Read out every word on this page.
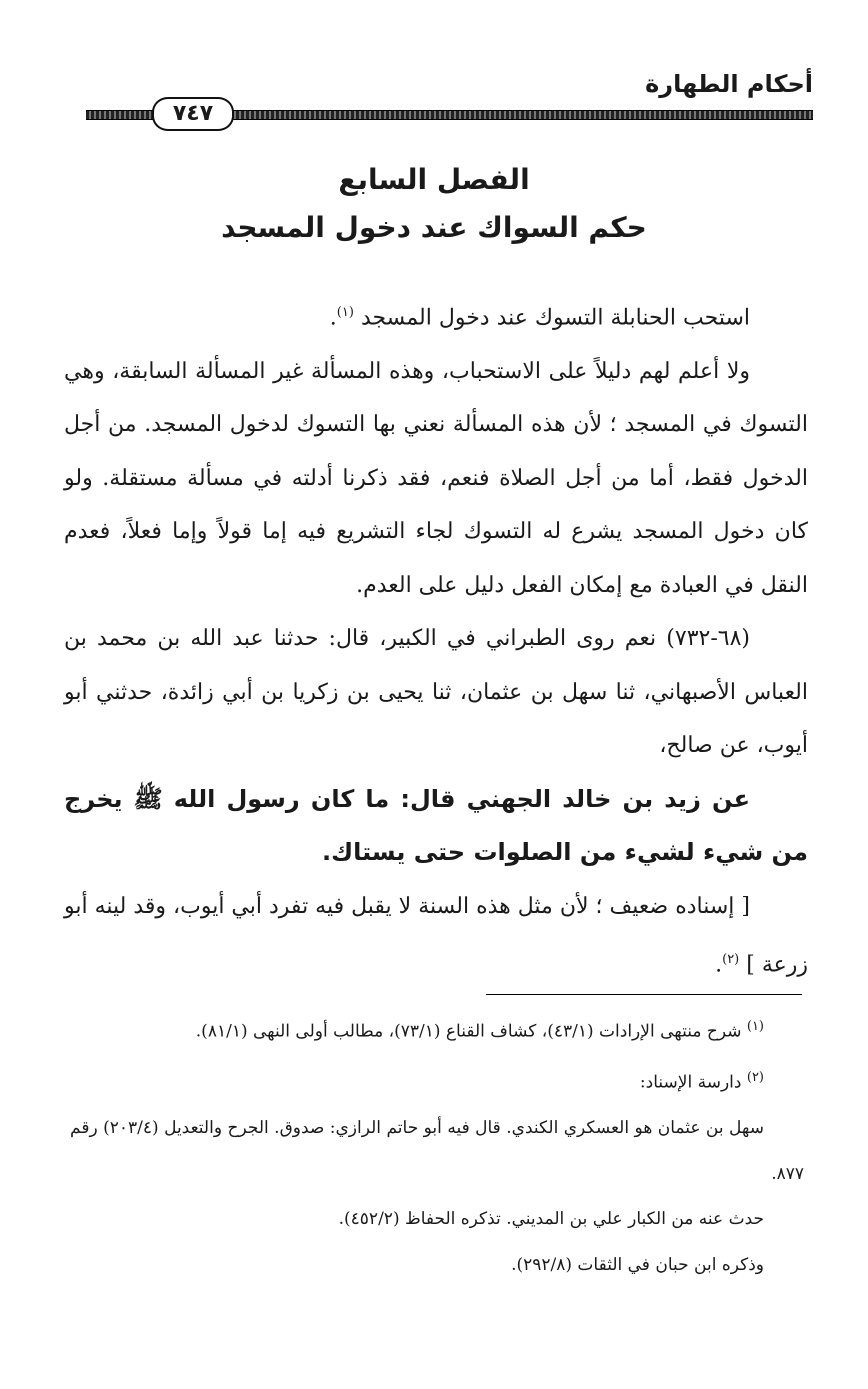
أحكام الطهارة
٧٤٧
الفصل السابع
حكم السواك عند دخول المسجد

استحب الحنابلة التسوك عند دخول المسجد $^{(١)}$.

ولا أعلم لهم دليلاً على الاستحباب، وهذه المسألة غير المسألة السابقة، وهي التسوك في المسجد ؛ لأن هذه المسألة نعني بها التسوك لدخول المسجد. من أجل الدخول فقط، أما من أجل الصلاة فنعم، فقد ذكرنا أدلته في مسألة مستقلة. ولو كان دخول المسجد يشرع له التسوك لجاء التشريع فيه إما قولاً وإما فعلاً، فعدم النقل في العبادة مع إمكان الفعل دليل على العدم.

(٦٨-٧٣٢) نعم روى الطبراني في الكبير، قال: حدثنا عبد الله بن محمد بن العباس الأصبهاني، ثنا سهل بن عثمان، ثنا يحيى بن زكريا بن أبي زائدة، حدثني أبو أيوب، عن صالح،

عن زيد بن خالد الجهني قال: ما كان رسول الله ﷺ يخرج من شيء لشيء من الصلوات حتى يستاك.

[ إسناده ضعيف ؛ لأن مثل هذه السنة لا يقبل فيه تفرد أبي أيوب، وقد لينه أبو زرعة ] $^{(٢)}$.

$^{(١)}$ شرح منتهى الإرادات (٤٣/١)، كشاف القناع (٧٣/١)، مطالب أولى النهى (٨١/١).

$^{(٢)}$ دارسة الإسناد:

سهل بن عثمان هو العسكري الكندي. قال فيه أبو حاتم الرازي: صدوق. الجرح والتعديل (٢٠٣/٤) رقم ٨٧٧.

حدث عنه من الكبار علي بن المديني. تذكره الحفاظ (٤٥٢/٢).

وذكره ابن حبان في الثقات (٢٩٢/٨).
